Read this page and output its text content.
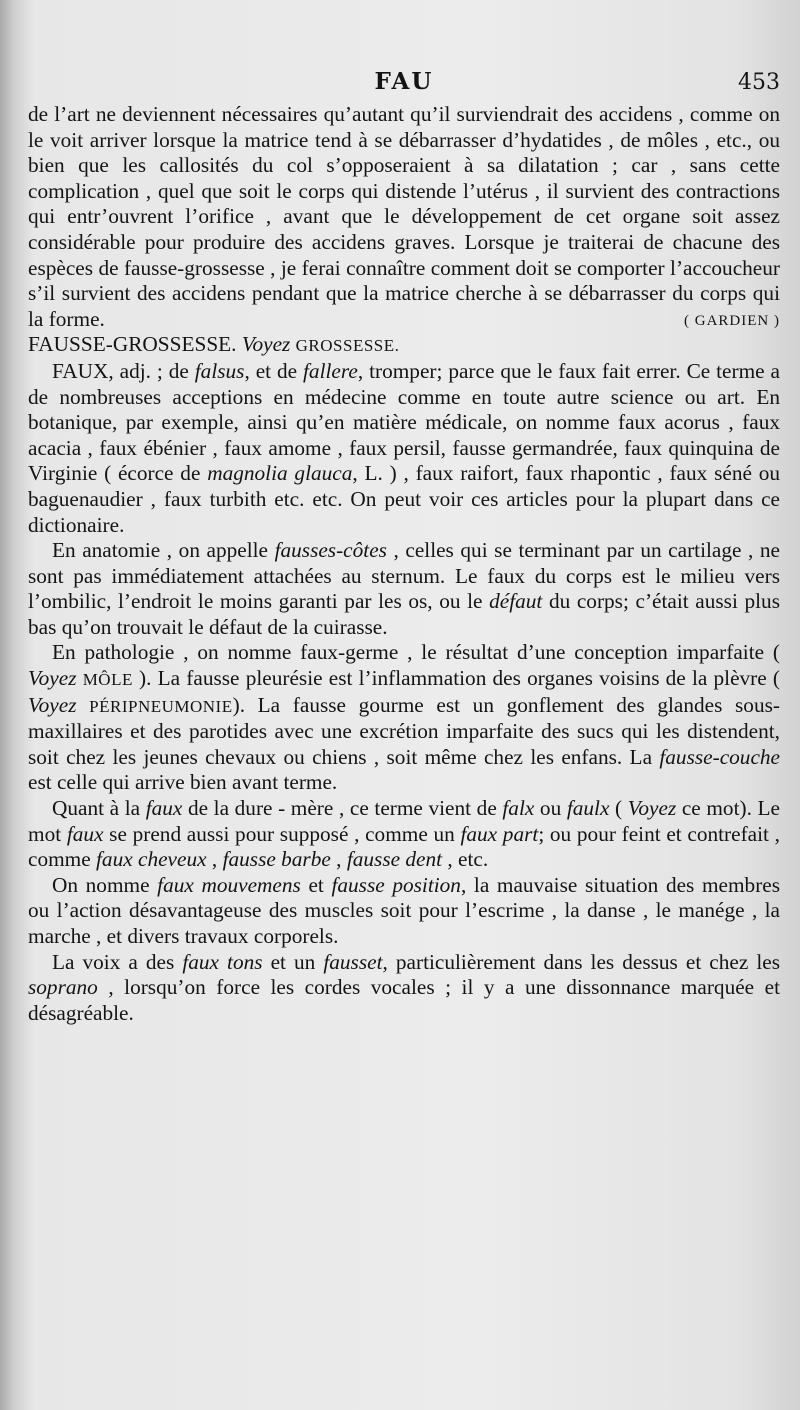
FAU	453

de l’art ne deviennent nécessaires qu’autant qu’il surviendrait des accidens , comme on le voit arriver lorsque la matrice tend à se débarrasser d’hydatides , de môles , etc., ou bien que les callosités du col s’opposeraient à sa dilatation ; car , sans cette complication , quel que soit le corps qui distende l’utérus , il survient des contractions qui entr’ouvrent l’orifice , avant que le développement de cet organe soit assez considérable pour produire des accidens graves. Lorsque je traiterai de chacune des espèces de fausse-grossesse , je ferai connaître comment doit se comporter l’accoucheur s’il survient des accidens pendant que la matrice cherche à se débarrasser du corps qui la forme.	( GARDIEN )

FAUSSE-GROSSESSE. Voyez GROSSESSE.

FAUX, adj. ; de falsus, et de fallere, tromper; parce que le faux fait errer. Ce terme a de nombreuses acceptions en médecine comme en toute autre science ou art. En botanique, par exemple, ainsi qu’en matière médicale, on nomme faux acorus , faux acacia , faux ébénier , faux amome , faux persil, fausse germandrée, faux quinquina de Virginie ( écorce de magnolia glauca, L. ) , faux raifort, faux rhapontic , faux séné ou baguenaudier , faux turbith etc. etc. On peut voir ces articles pour la plupart dans ce dictionaire.

En anatomie , on appelle fausses-côtes , celles qui se terminant par un cartilage , ne sont pas immédiatement attachées au sternum. Le faux du corps est le milieu vers l’ombilic, l’endroit le moins garanti par les os, ou le défaut du corps; c’était aussi plus bas qu’on trouvait le défaut de la cuirasse.

En pathologie , on nomme faux-germe , le résultat d’une conception imparfaite ( Voyez MÔLE ). La fausse pleurésie est l’inflammation des organes voisins de la plèvre ( Voyez PÉRIPNEUMONIE). La fausse gourme est un gonflement des glandes sous-maxillaires et des parotides avec une excrétion imparfaite des sucs qui les distendent, soit chez les jeunes chevaux ou chiens , soit même chez les enfans. La fausse-couche est celle qui arrive bien avant terme.

Quant à la faux de la dure - mère , ce terme vient de falx ou faulx ( Voyez ce mot). Le mot faux se prend aussi pour supposé , comme un faux part; ou pour feint et contrefait , comme faux cheveux , fausse barbe , fausse dent , etc.

On nomme faux mouvemens et fausse position, la mauvaise situation des membres ou l’action désavantageuse des muscles soit pour l’escrime , la danse , le manége , la marche , et divers travaux corporels.

La voix a des faux tons et un fausset, particulièrement dans les dessus et chez les soprano , lorsqu’on force les cordes vocales ; il y a une dissonnance marquée et désagréable.
